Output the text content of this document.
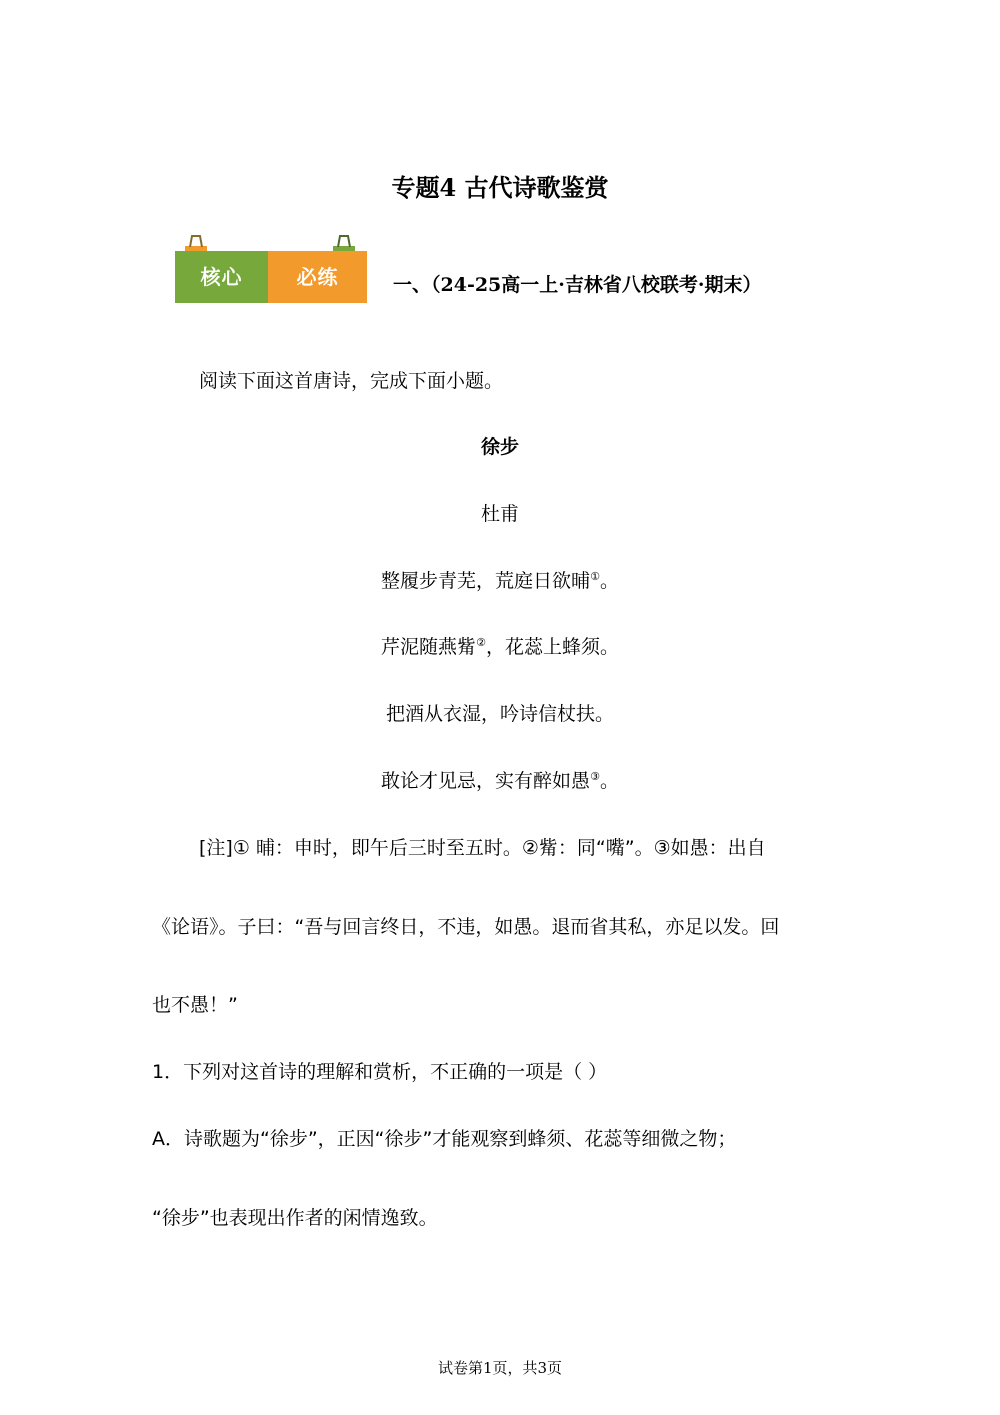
专题4 古代诗歌鉴赏
核心	必练	一、（24-25高一上·吉林省八校联考·期末）
阅读下面这首唐诗，完成下面小题。
徐步
杜甫
整履步青芜，荒庭日欲晡①。
芹泥随燕觜②，花蕊上蜂须。
把酒从衣湿，吟诗信杖扶。
敢论才见忌，实有醉如愚③。
[注]① 晡：申时，即午后三时至五时。②觜：同“嘴”。③如愚：出自
《论语》。子曰：“吾与回言终日，不违，如愚。退而省其私，亦足以发。回
也不愚！”
1．下列对这首诗的理解和赏析，不正确的一项是（ ）
A．诗歌题为“徐步”，正因“徐步”才能观察到蜂须、花蕊等细微之物；
“徐步”也表现出作者的闲情逸致。
试卷第1页，共3页
